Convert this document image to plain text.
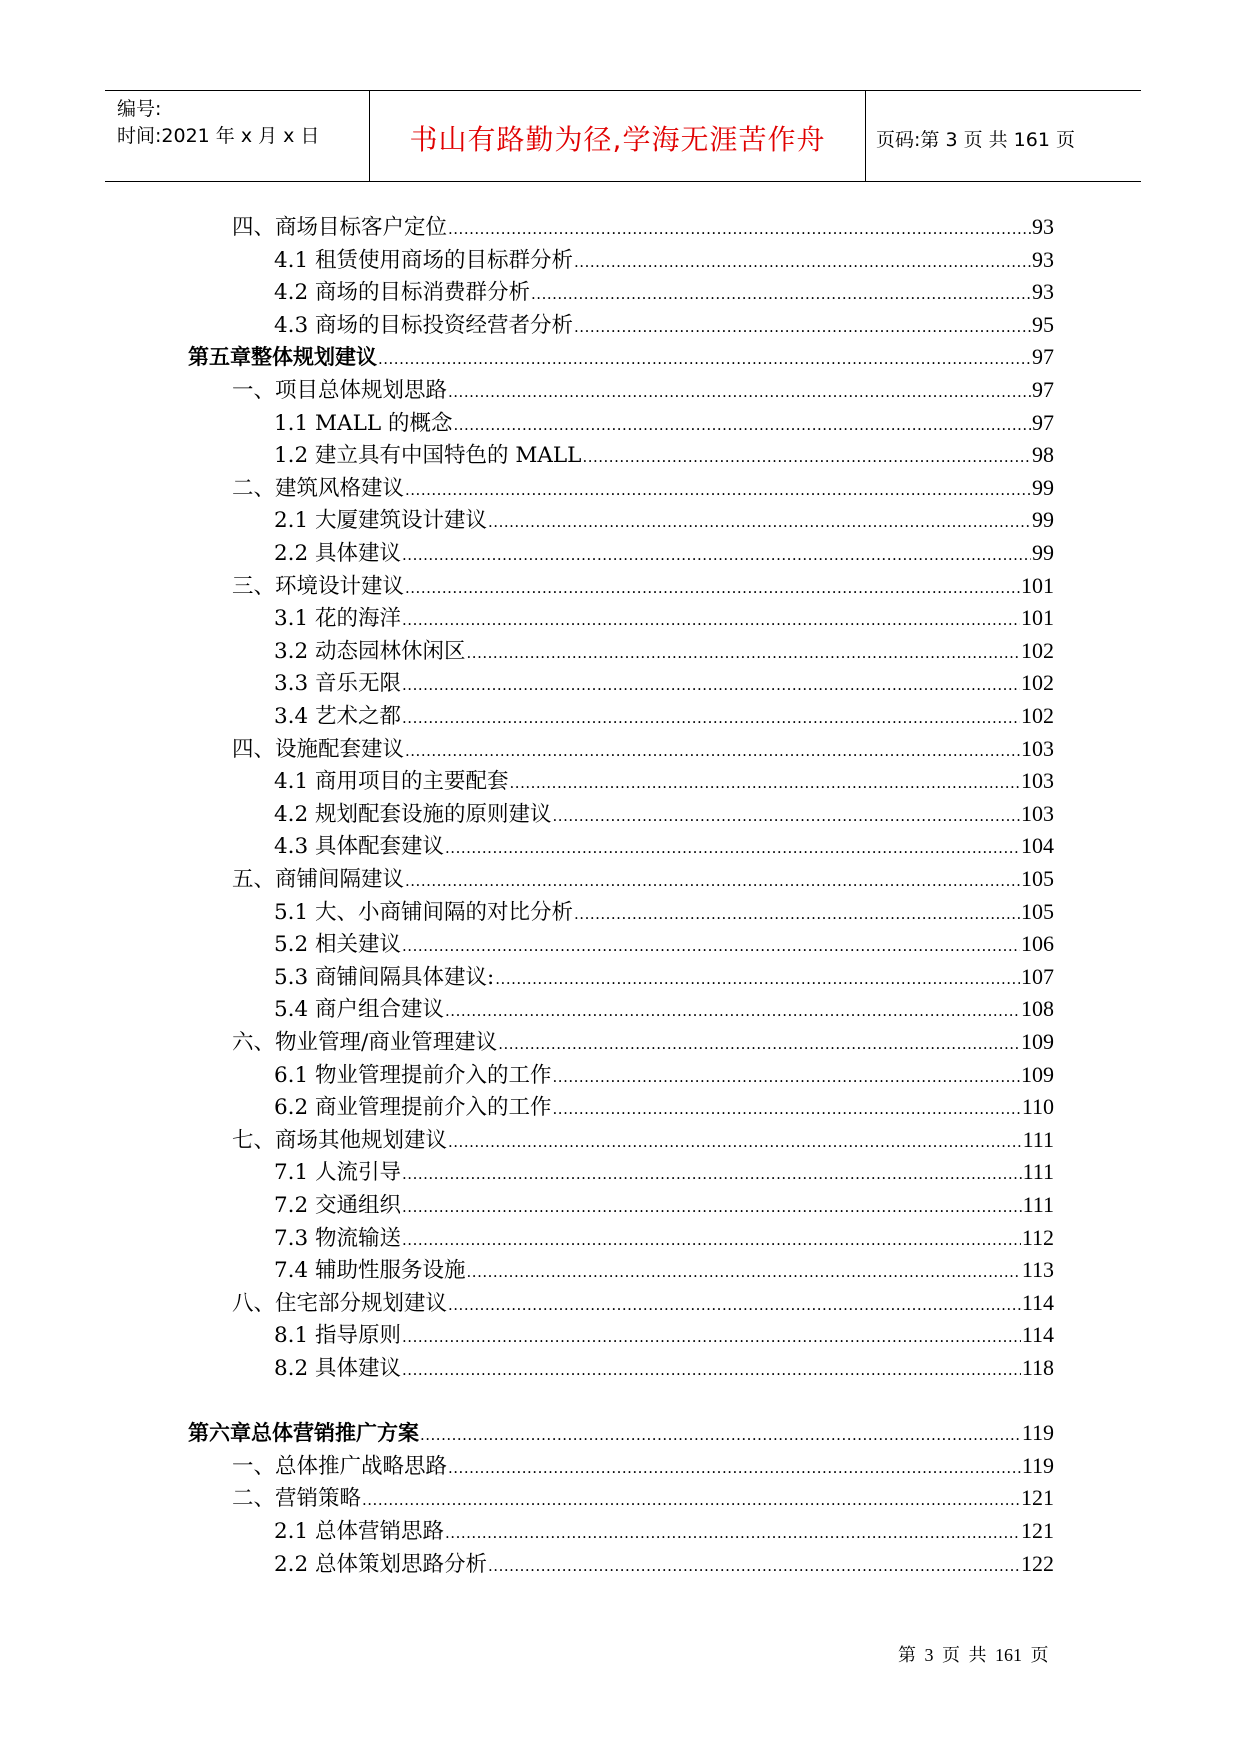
编号:
时间:2021 年 x 月 x 日	书山有路勤为径,学海无涯苦作舟	页码:第 3 页 共 161 页
四、商场目标客户定位 .....	93
4.1 租赁使用商场的目标群分析 .....	93
4.2 商场的目标消费群分析 .....	93
4.3 商场的目标投资经营者分析 .....	95
第五章整体规划建议 .....	97
一、项目总体规划思路 .....	97
1.1 MALL 的概念 .....	97
1.2 建立具有中国特色的 MALL .....	98
二、建筑风格建议 .....	99
2.1 大厦建筑设计建议 .....	99
2.2 具体建议 .....	99
三、环境设计建议 .....	101
3.1 花的海洋 .....	101
3.2 动态园林休闲区 .....	102
3.3 音乐无限 .....	102
3.4 艺术之都 .....	102
四、设施配套建议 .....	103
4.1 商用项目的主要配套 .....	103
4.2 规划配套设施的原则建议 .....	103
4.3 具体配套建议 .....	104
五、商铺间隔建议 .....	105
5.1 大、小商铺间隔的对比分析 .....	105
5.2 相关建议 .....	106
5.3 商铺间隔具体建议: .....	107
5.4 商户组合建议 .....	108
六、物业管理/商业管理建议 .....	109
6.1 物业管理提前介入的工作 .....	109
6.2 商业管理提前介入的工作 .....	110
七、商场其他规划建议 .....	111
7.1 人流引导 .....	111
7.2 交通组织 .....	111
7.3 物流输送 .....	112
7.4 辅助性服务设施 .....	113
八、住宅部分规划建议 .....	114
8.1 指导原则 .....	114
8.2 具体建议 .....	118
第六章总体营销推广方案 .....	119
一、总体推广战略思路 .....	119
二、营销策略 .....	121
2.1 总体营销思路 .....	121
2.2 总体策划思路分析 .....	122
第 3 页 共 161 页
